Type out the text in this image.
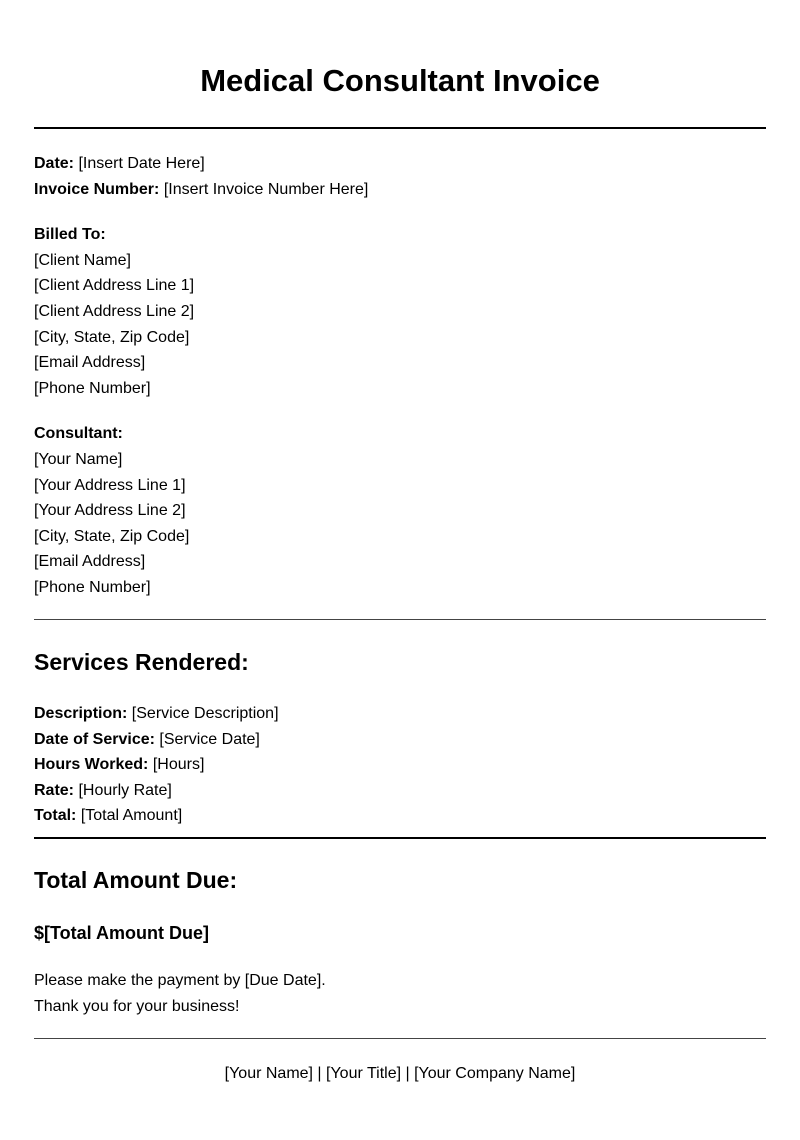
Medical Consultant Invoice
Date: [Insert Date Here]
Invoice Number: [Insert Invoice Number Here]
Billed To:
[Client Name]
[Client Address Line 1]
[Client Address Line 2]
[City, State, Zip Code]
[Email Address]
[Phone Number]
Consultant:
[Your Name]
[Your Address Line 1]
[Your Address Line 2]
[City, State, Zip Code]
[Email Address]
[Phone Number]
Services Rendered:
Description: [Service Description]
Date of Service: [Service Date]
Hours Worked: [Hours]
Rate: [Hourly Rate]
Total: [Total Amount]
Total Amount Due:
$[Total Amount Due]
Please make the payment by [Due Date].
Thank you for your business!
[Your Name] | [Your Title] | [Your Company Name]
